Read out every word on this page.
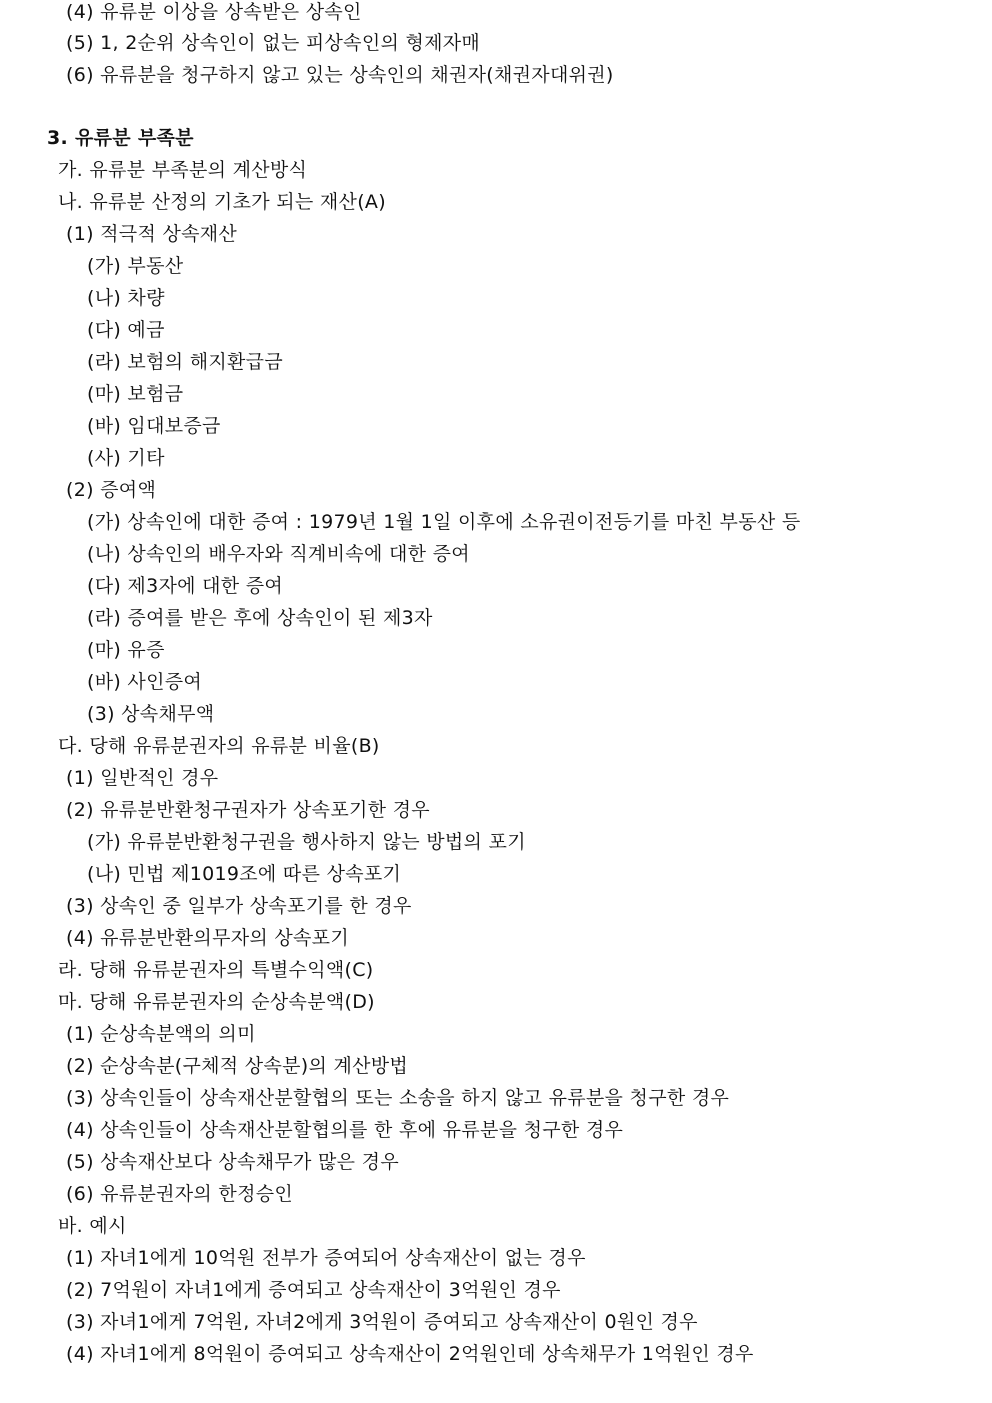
(4) 유류분 이상을 상속받은 상속인
(5) 1, 2순위 상속인이 없는 피상속인의 형제자매
(6) 유류분을 청구하지 않고 있는 상속인의 채권자(채권자대위권)
3. 유류분 부족분
가. 유류분 부족분의 계산방식
나. 유류분 산정의 기초가 되는 재산(A)
(1) 적극적 상속재산
(가) 부동산
(나) 차량
(다) 예금
(라) 보험의 해지환급금
(마) 보험금
(바) 임대보증금
(사) 기타
(2) 증여액
(가) 상속인에 대한 증여 : 1979년 1월 1일 이후에 소유권이전등기를 마친 부동산 등
(나) 상속인의 배우자와 직계비속에 대한 증여
(다) 제3자에 대한 증여
(라) 증여를 받은 후에 상속인이 된 제3자
(마) 유증
(바) 사인증여
(3) 상속채무액
다. 당해 유류분권자의 유류분 비율(B)
(1) 일반적인 경우
(2) 유류분반환청구권자가 상속포기한 경우
(가) 유류분반환청구권을 행사하지 않는 방법의 포기
(나) 민법 제1019조에 따른 상속포기
(3) 상속인 중 일부가 상속포기를 한 경우
(4) 유류분반환의무자의 상속포기
라. 당해 유류분권자의 특별수익액(C)
마. 당해 유류분권자의 순상속분액(D)
(1) 순상속분액의 의미
(2) 순상속분(구체적 상속분)의 계산방법
(3) 상속인들이 상속재산분할협의 또는 소송을 하지 않고 유류분을 청구한 경우
(4) 상속인들이 상속재산분할협의를 한 후에 유류분을 청구한 경우
(5) 상속재산보다 상속채무가 많은 경우
(6) 유류분권자의 한정승인
바. 예시
(1) 자녀1에게 10억원 전부가 증여되어 상속재산이 없는 경우
(2) 7억원이 자녀1에게 증여되고 상속재산이 3억원인 경우
(3) 자녀1에게 7억원, 자녀2에게 3억원이 증여되고 상속재산이 0원인 경우
(4) 자녀1에게 8억원이 증여되고 상속재산이 2억원인데 상속채무가 1억원인 경우
